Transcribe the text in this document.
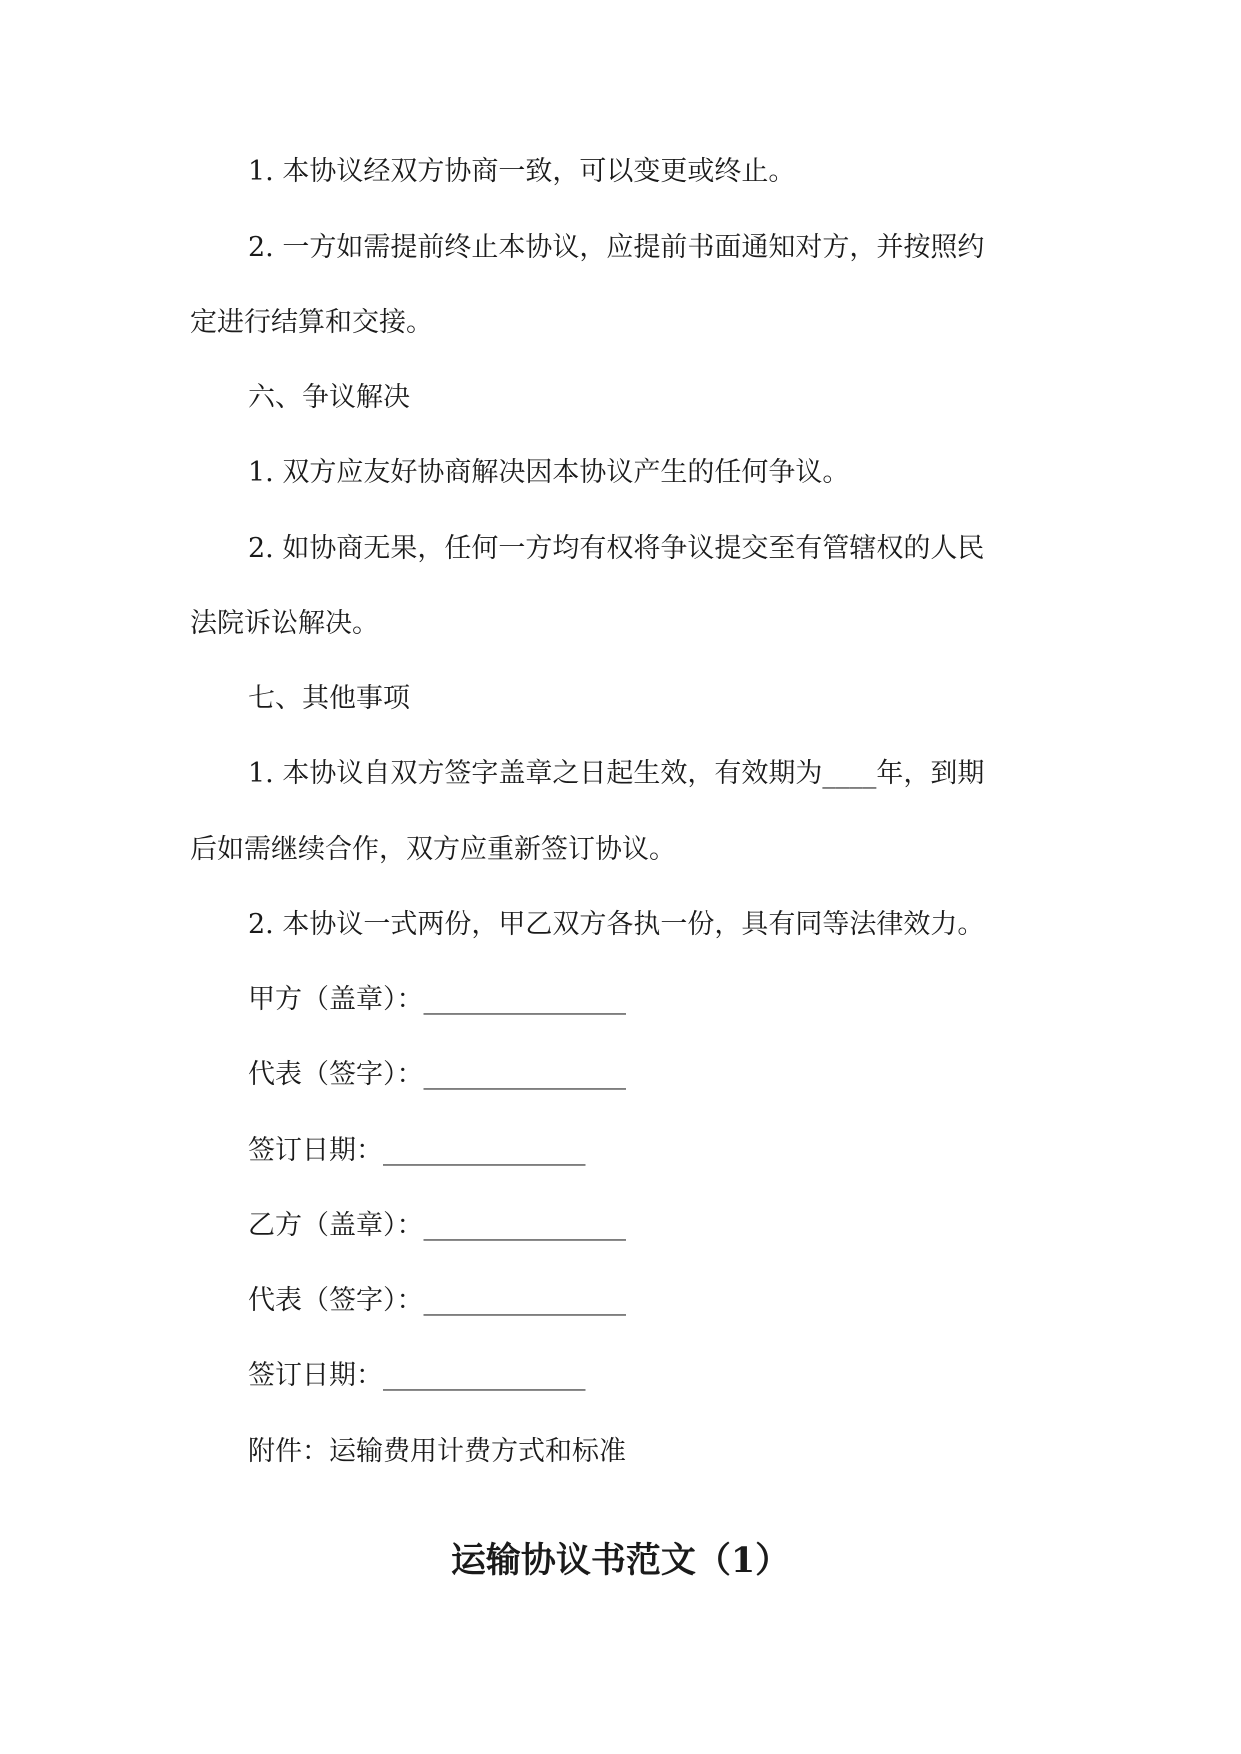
1. 本协议经双方协商一致，可以变更或终止。

2. 一方如需提前终止本协议，应提前书面通知对方，并按照约

定进行结算和交接。

六、争议解决

1. 双方应友好协商解决因本协议产生的任何争议。

2. 如协商无果，任何一方均有权将争议提交至有管辖权的人民

法院诉讼解决。

七、其他事项

1. 本协议自双方签字盖章之日起生效，有效期为____年，到期

后如需继续合作，双方应重新签订协议。

2. 本协议一式两份，甲乙双方各执一份，具有同等法律效力。

甲方（盖章）：_______________

代表（签字）：_______________

签订日期：_______________

乙方（盖章）：_______________

代表（签字）：_______________

签订日期：_______________

附件：运输费用计费方式和标准

运输协议书范文（1）
